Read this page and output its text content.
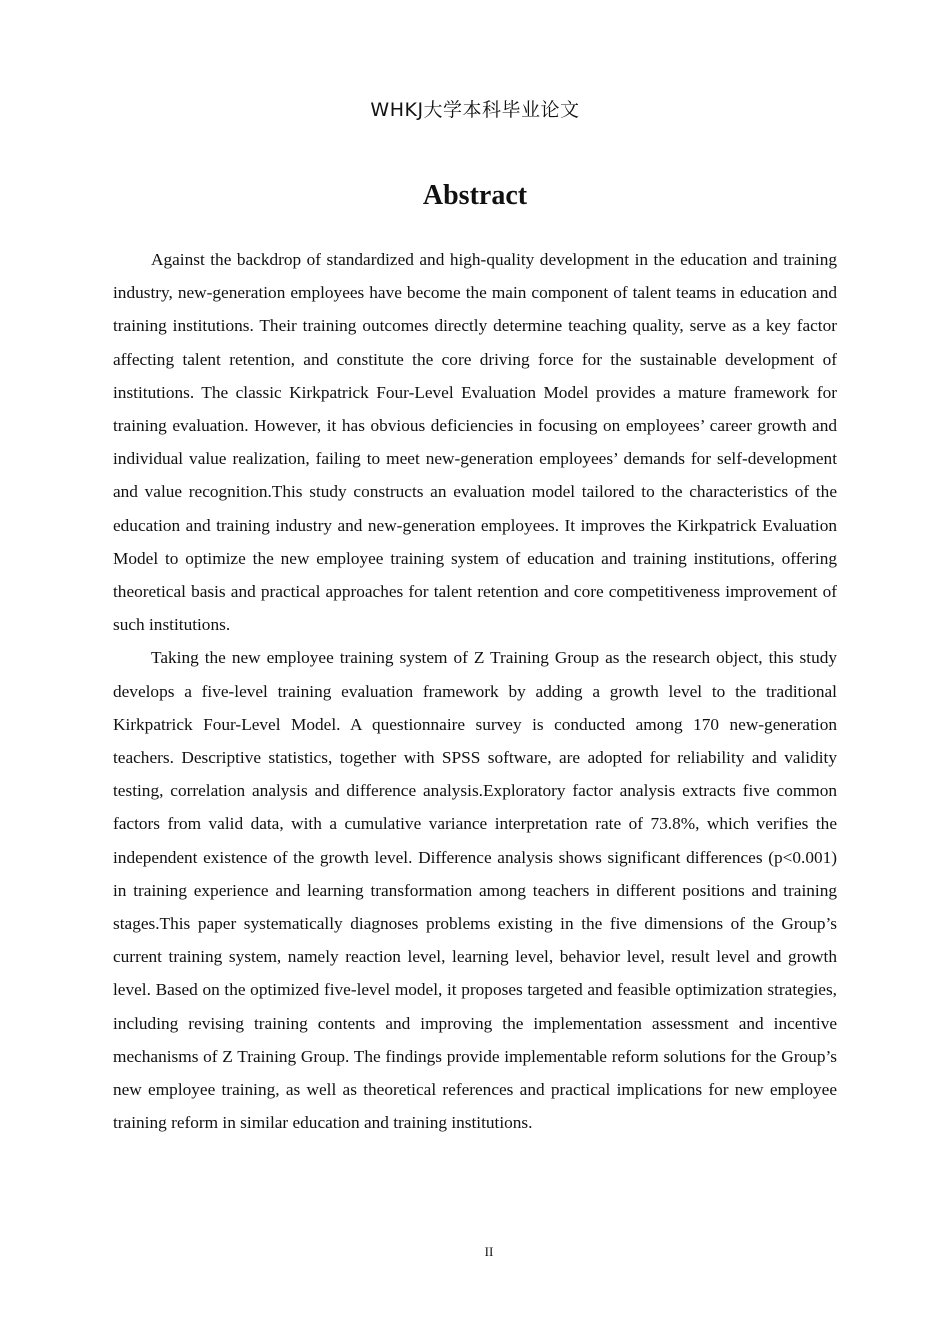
WHKJ大学本科毕业论文
Abstract

Against the backdrop of standardized and high-quality development in the education and training industry, new-generation employees have become the main component of talent teams in education and training institutions. Their training outcomes directly determine teaching quality, serve as a key factor affecting talent retention, and constitute the core driving force for the sustainable development of institutions. The classic Kirkpatrick Four-Level Evaluation Model provides a mature framework for training evaluation. However, it has obvious deficiencies in focusing on employees’ career growth and individual value realization, failing to meet new-generation employees’ demands for self-development and value recognition.This study constructs an evaluation model tailored to the characteristics of the education and training industry and new-generation employees. It improves the Kirkpatrick Evaluation Model to optimize the new employee training system of education and training institutions, offering theoretical basis and practical approaches for talent retention and core competitiveness improvement of such institutions.

Taking the new employee training system of Z Training Group as the research object, this study develops a five-level training evaluation framework by adding a growth level to the traditional Kirkpatrick Four-Level Model. A questionnaire survey is conducted among 170 new-generation teachers. Descriptive statistics, together with SPSS software, are adopted for reliability and validity testing, correlation analysis and difference analysis.Exploratory factor analysis extracts five common factors from valid data, with a cumulative variance interpretation rate of 73.8%, which verifies the independent existence of the growth level. Difference analysis shows significant differences (p<0.001) in training experience and learning transformation among teachers in different positions and training stages.This paper systematically diagnoses problems existing in the five dimensions of the Group’s current training system, namely reaction level, learning level, behavior level, result level and growth level. Based on the optimized five-level model, it proposes targeted and feasible optimization strategies, including revising training contents and improving the implementation assessment and incentive mechanisms of Z Training Group. The findings provide implementable reform solutions for the Group’s new employee training, as well as theoretical references and practical implications for new employee training reform in similar education and training institutions.

II
